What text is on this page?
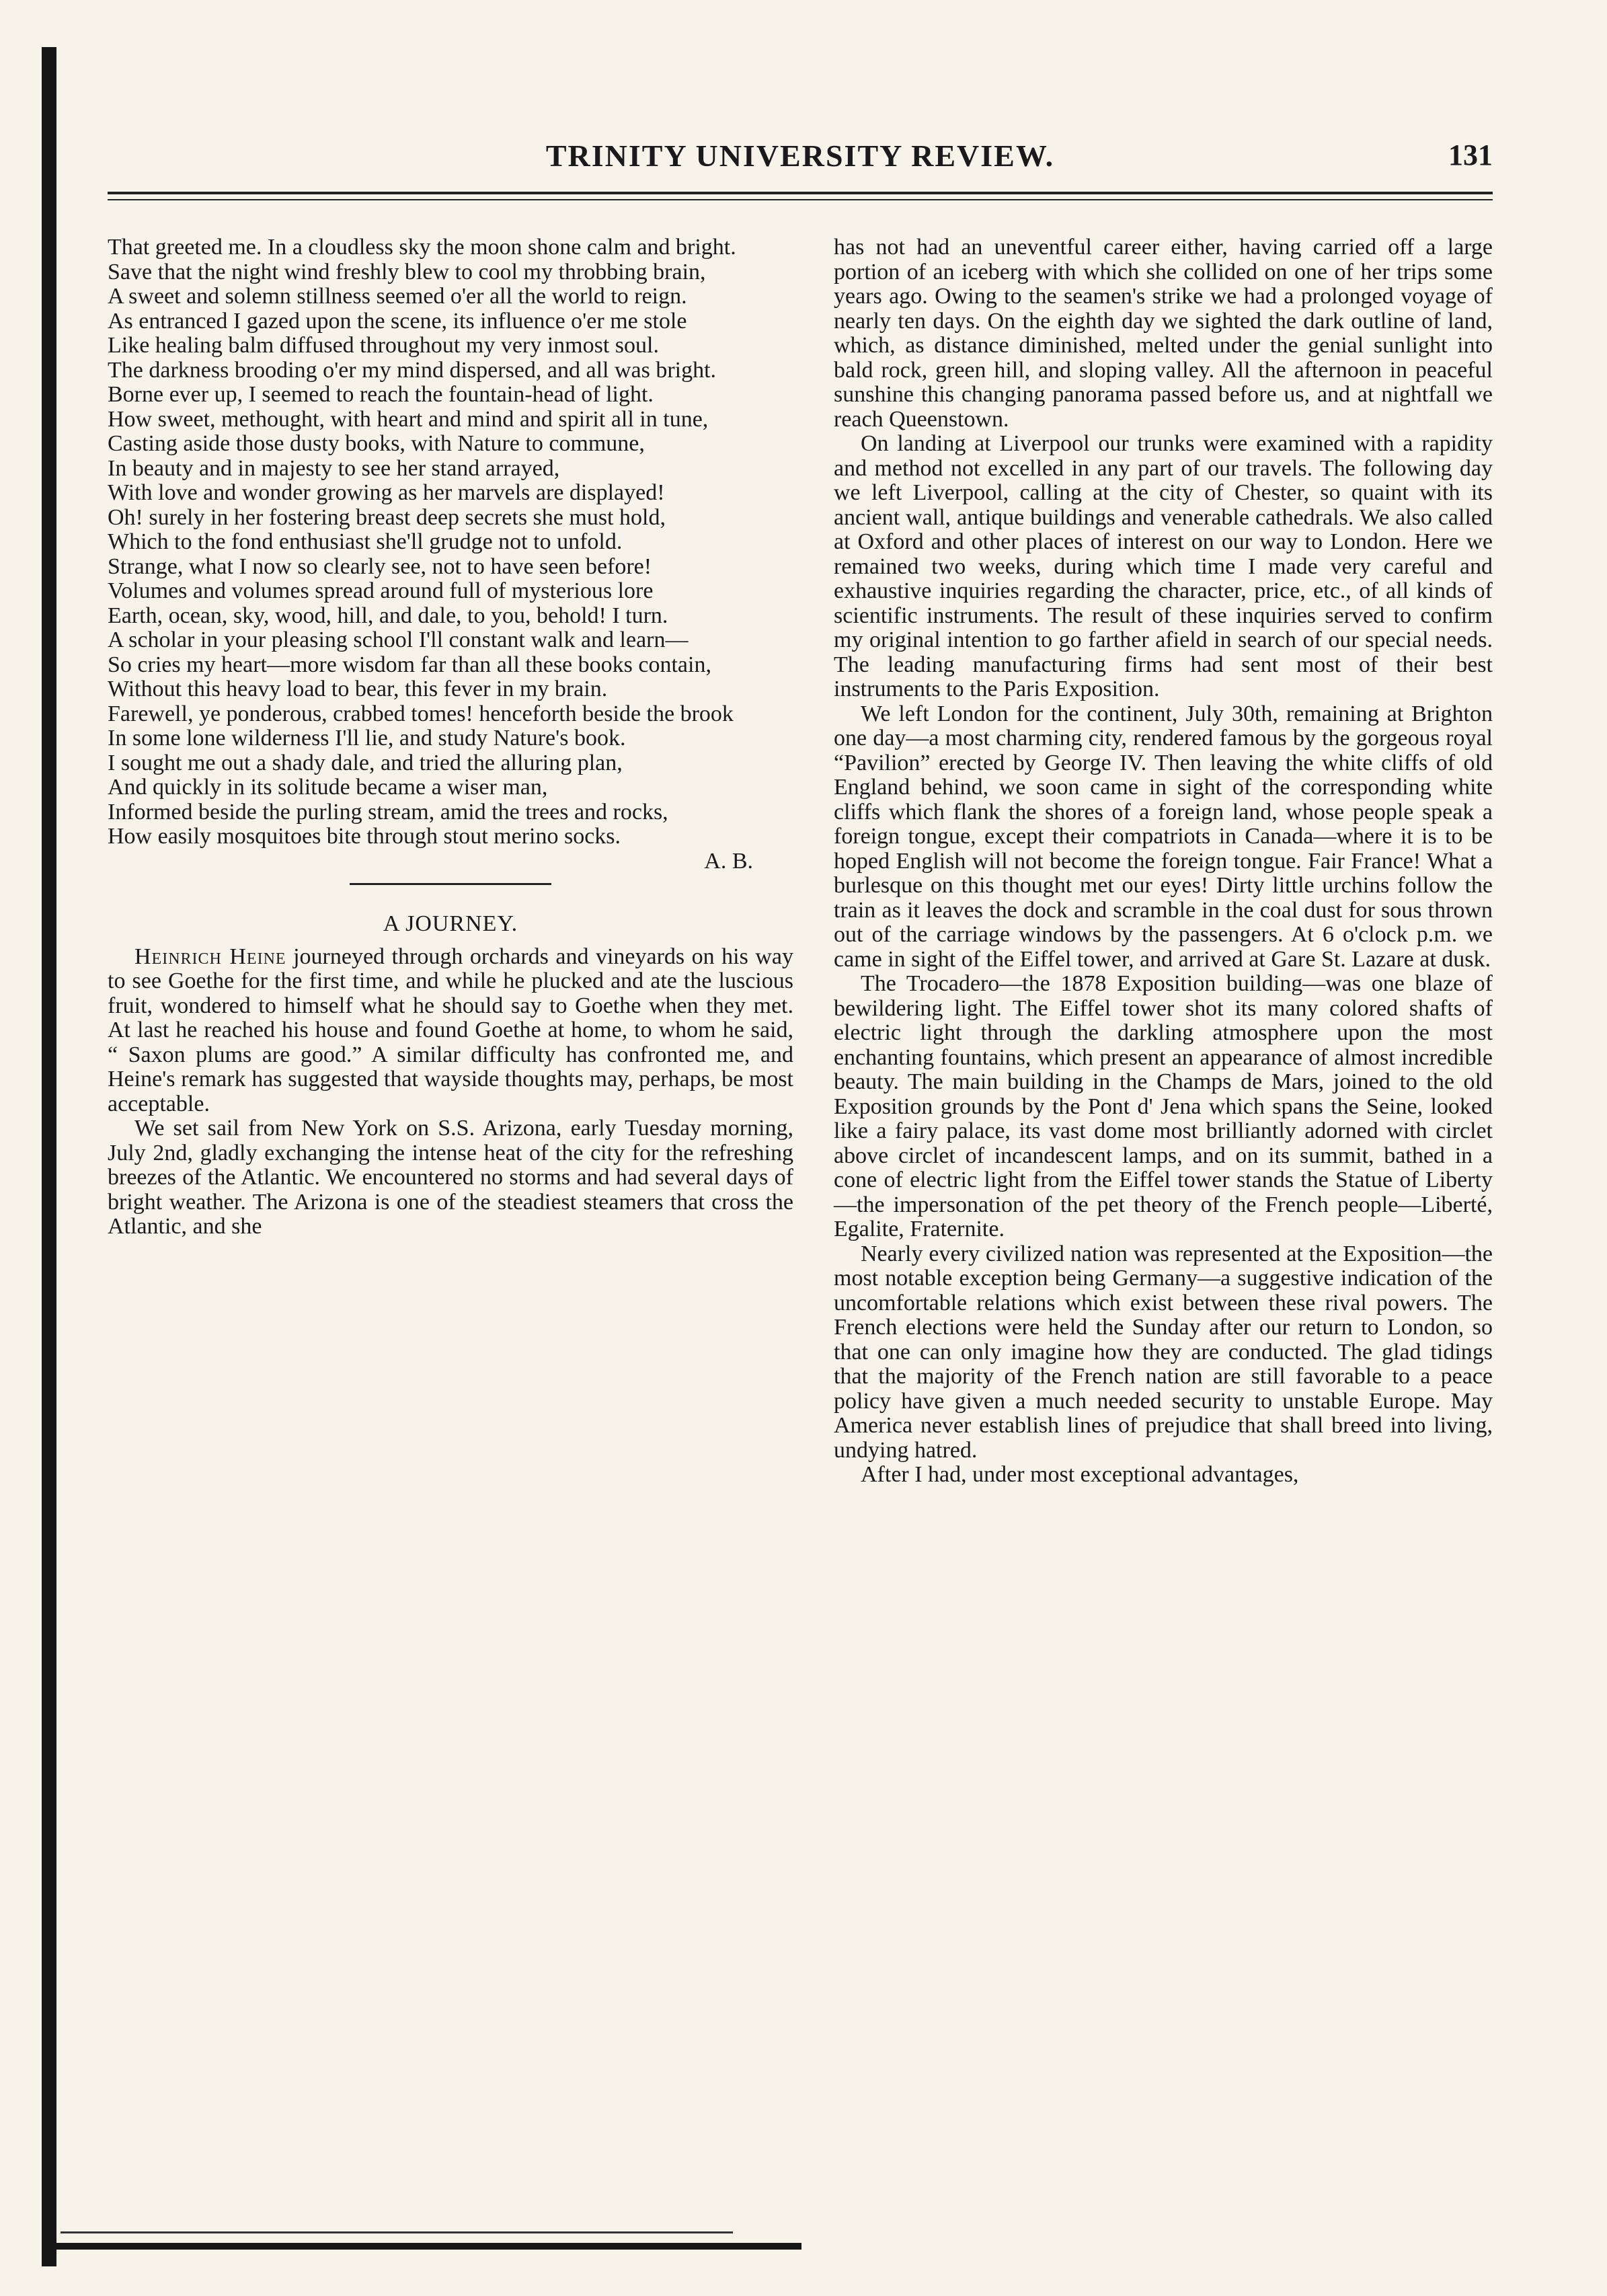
TRINITY UNIVERSITY REVIEW.	131
That greeted me. In a cloudless sky the moon shone calm and bright.
Save that the night wind freshly blew to cool my throbbing brain,
A sweet and solemn stillness seemed o'er all the world to reign.
As entranced I gazed upon the scene, its influence o'er me stole
Like healing balm diffused throughout my very inmost soul.
The darkness brooding o'er my mind dispersed, and all was bright.
Borne ever up, I seemed to reach the fountain-head of light.
How sweet, methought, with heart and mind and spirit all in tune,
Casting aside those dusty books, with Nature to commune,
In beauty and in majesty to see her stand arrayed,
With love and wonder growing as her marvels are displayed!
Oh! surely in her fostering breast deep secrets she must hold,
Which to the fond enthusiast she'll grudge not to unfold.
Strange, what I now so clearly see, not to have seen before!
Volumes and volumes spread around full of mysterious lore
Earth, ocean, sky, wood, hill, and dale, to you, behold! I turn.
A scholar in your pleasing school I'll constant walk and learn—
So cries my heart—more wisdom far than all these books contain,
Without this heavy load to bear, this fever in my brain.
Farewell, ye ponderous, crabbed tomes! henceforth beside the brook
In some lone wilderness I'll lie, and study Nature's book.
I sought me out a shady dale, and tried the alluring plan,
And quickly in its solitude became a wiser man,
Informed beside the purling stream, amid the trees and rocks,
How easily mosquitoes bite through stout merino socks.
A. B.
A JOURNEY.

Heinrich Heine journeyed through orchards and vineyards on his way to see Goethe for the first time, and while he plucked and ate the luscious fruit, wondered to himself what he should say to Goethe when they met. At last he reached his house and found Goethe at home, to whom he said, “ Saxon plums are good.” A similar difficulty has confronted me, and Heine's remark has suggested that wayside thoughts may, perhaps, be most acceptable.

We set sail from New York on S.S. Arizona, early Tuesday morning, July 2nd, gladly exchanging the intense heat of the city for the refreshing breezes of the Atlantic. We encountered no storms and had several days of bright weather. The Arizona is one of the steadiest steamers that cross the Atlantic, and she

has not had an uneventful career either, having carried off a large portion of an iceberg with which she collided on one of her trips some years ago. Owing to the seamen's strike we had a prolonged voyage of nearly ten days. On the eighth day we sighted the dark outline of land, which, as distance diminished, melted under the genial sunlight into bald rock, green hill, and sloping valley. All the afternoon in peaceful sunshine this changing panorama passed before us, and at nightfall we reach Queenstown.

On landing at Liverpool our trunks were examined with a rapidity and method not excelled in any part of our travels. The following day we left Liverpool, calling at the city of Chester, so quaint with its ancient wall, antique buildings and venerable cathedrals. We also called at Oxford and other places of interest on our way to London. Here we remained two weeks, during which time I made very careful and exhaustive inquiries regarding the character, price, etc., of all kinds of scientific instruments. The result of these inquiries served to confirm my original intention to go farther afield in search of our special needs. The leading manufacturing firms had sent most of their best instruments to the Paris Exposition.

We left London for the continent, July 30th, remaining at Brighton one day—a most charming city, rendered famous by the gorgeous royal “Pavilion” erected by George IV. Then leaving the white cliffs of old England behind, we soon came in sight of the corresponding white cliffs which flank the shores of a foreign land, whose people speak a foreign tongue, except their compatriots in Canada—where it is to be hoped English will not become the foreign tongue. Fair France! What a burlesque on this thought met our eyes! Dirty little urchins follow the train as it leaves the dock and scramble in the coal dust for sous thrown out of the carriage windows by the passengers. At 6 o'clock p.m. we came in sight of the Eiffel tower, and arrived at Gare St. Lazare at dusk.

The Trocadero—the 1878 Exposition building—was one blaze of bewildering light. The Eiffel tower shot its many colored shafts of electric light through the darkling atmosphere upon the most enchanting fountains, which present an appearance of almost incredible beauty. The main building in the Champs de Mars, joined to the old Exposition grounds by the Pont d' Jena which spans the Seine, looked like a fairy palace, its vast dome most brilliantly adorned with circlet above circlet of incandescent lamps, and on its summit, bathed in a cone of electric light from the Eiffel tower stands the Statue of Liberty—the impersonation of the pet theory of the French people—Liberté, Egalite, Fraternite.

Nearly every civilized nation was represented at the Exposition—the most notable exception being Germany—a suggestive indication of the uncomfortable relations which exist between these rival powers. The French elections were held the Sunday after our return to London, so that one can only imagine how they are conducted. The glad tidings that the majority of the French nation are still favorable to a peace policy have given a much needed security to unstable Europe. May America never establish lines of prejudice that shall breed into living, undying hatred.

After I had, under most exceptional advantages,
